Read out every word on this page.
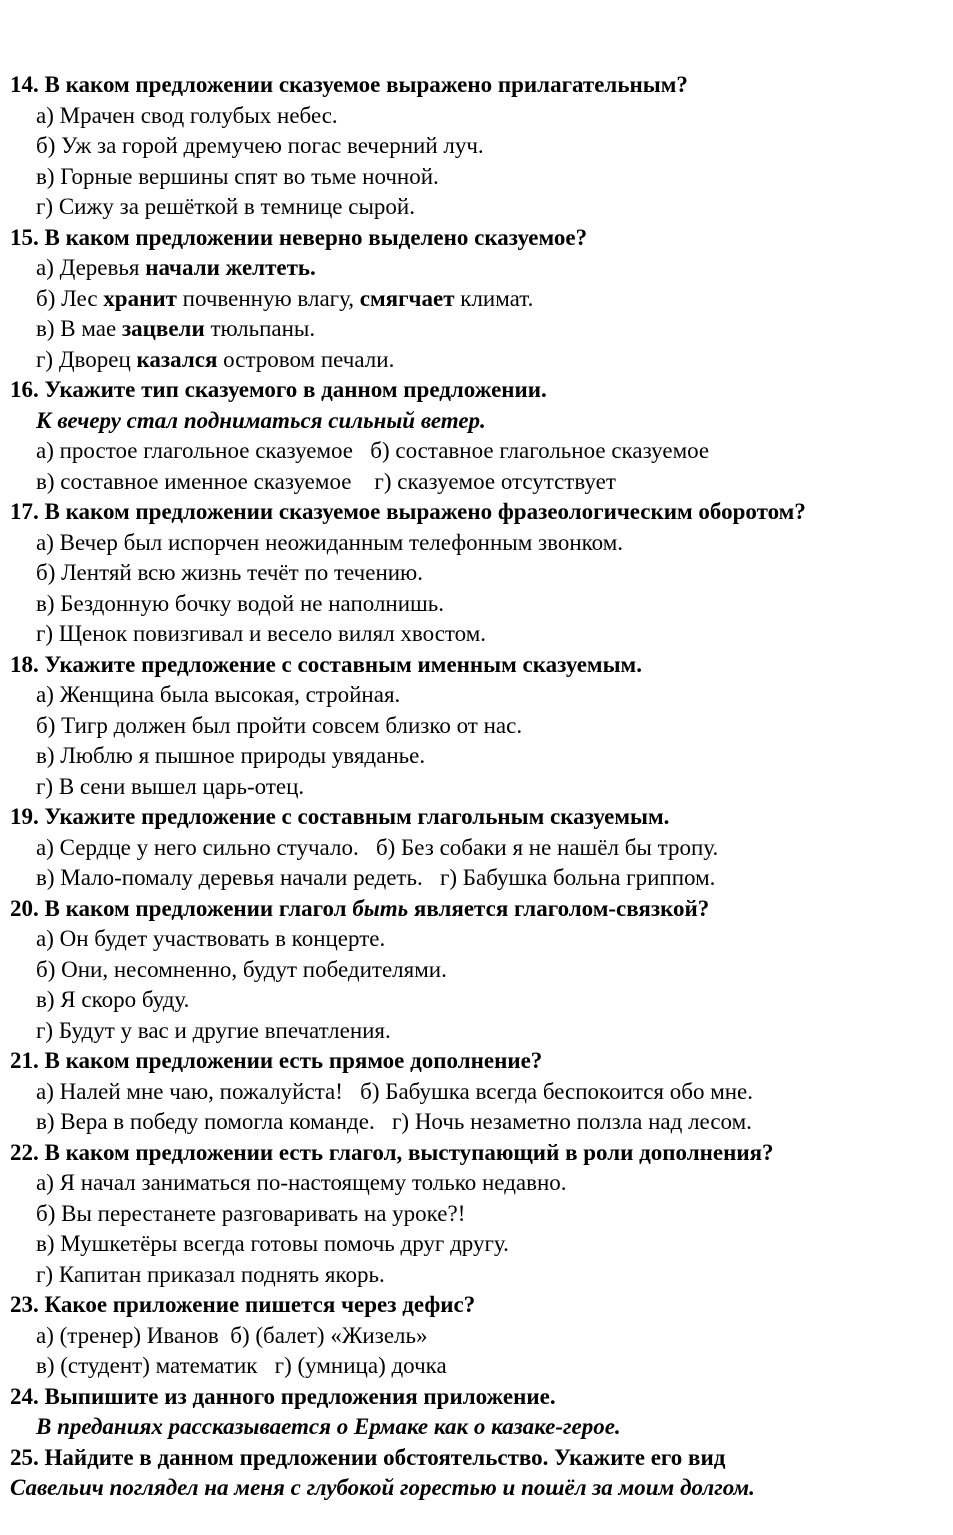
14. В каком предложении сказуемое выражено прилагательным?
а) Мрачен свод голубых небес.
б) Уж за горой дремучею погас вечерний луч.
в) Горные вершины спят во тьме ночной.
г) Сижу за решёткой в темнице сырой.
15. В каком предложении неверно выделено сказуемое?
а) Деревья начали желтеть.
б) Лес хранит почвенную влагу, смягчает климат.
в) В мае зацвели тюльпаны.
г) Дворец казался островом печали.
16. Укажите тип сказуемого в данном предложении.
К вечеру стал подниматься сильный ветер.
а) простое глагольное сказуемое   б) составное глагольное сказуемое
в) составное именное сказуемое    г) сказуемое отсутствует
17. В каком предложении сказуемое выражено фразеологическим оборотом?
а) Вечер был испорчен неожиданным телефонным звонком.
б) Лентяй всю жизнь течёт по течению.
в) Бездонную бочку водой не наполнишь.
г) Щенок повизгивал и весело вилял хвостом.
18. Укажите предложение с составным именным сказуемым.
а) Женщина была высокая, стройная.
б) Тигр должен был пройти совсем близко от нас.
в) Люблю я пышное природы увяданье.
г) В сени вышел царь-отец.
19. Укажите предложение с составным глагольным сказуемым.
а) Сердце у него сильно стучало.   б) Без собаки я не нашёл бы тропу.
в) Мало-помалу деревья начали редеть.   г) Бабушка больна гриппом.
20. В каком предложении глагол быть является глаголом-связкой?
а) Он будет участвовать в концерте.
б) Они, несомненно, будут победителями.
в) Я скоро буду.
г) Будут у вас и другие впечатления.
21. В каком предложении есть прямое дополнение?
а) Налей мне чаю, пожалуйста!   б) Бабушка всегда беспокоится обо мне.
в) Вера в победу помогла команде.   г) Ночь незаметно ползла над лесом.
22. В каком предложении есть глагол, выступающий в роли дополнения?
а) Я начал заниматься по-настоящему только недавно.
б) Вы перестанете разговаривать на уроке?!
в) Мушкетёры всегда готовы помочь друг другу.
г) Капитан приказал поднять якорь.
23. Какое приложение пишется через дефис?
а) (тренер) Иванов  б) (балет) «Жизель»
в) (студент) математик   г) (умница) дочка
24. Выпишите из данного предложения приложение.
В преданиях рассказывается о Ермаке как о казаке-герое.
25. Найдите в данном предложении обстоятельство. Укажите его вид
Савельич поглядел на меня с глубокой горестью и пошёл за моим долгом.
